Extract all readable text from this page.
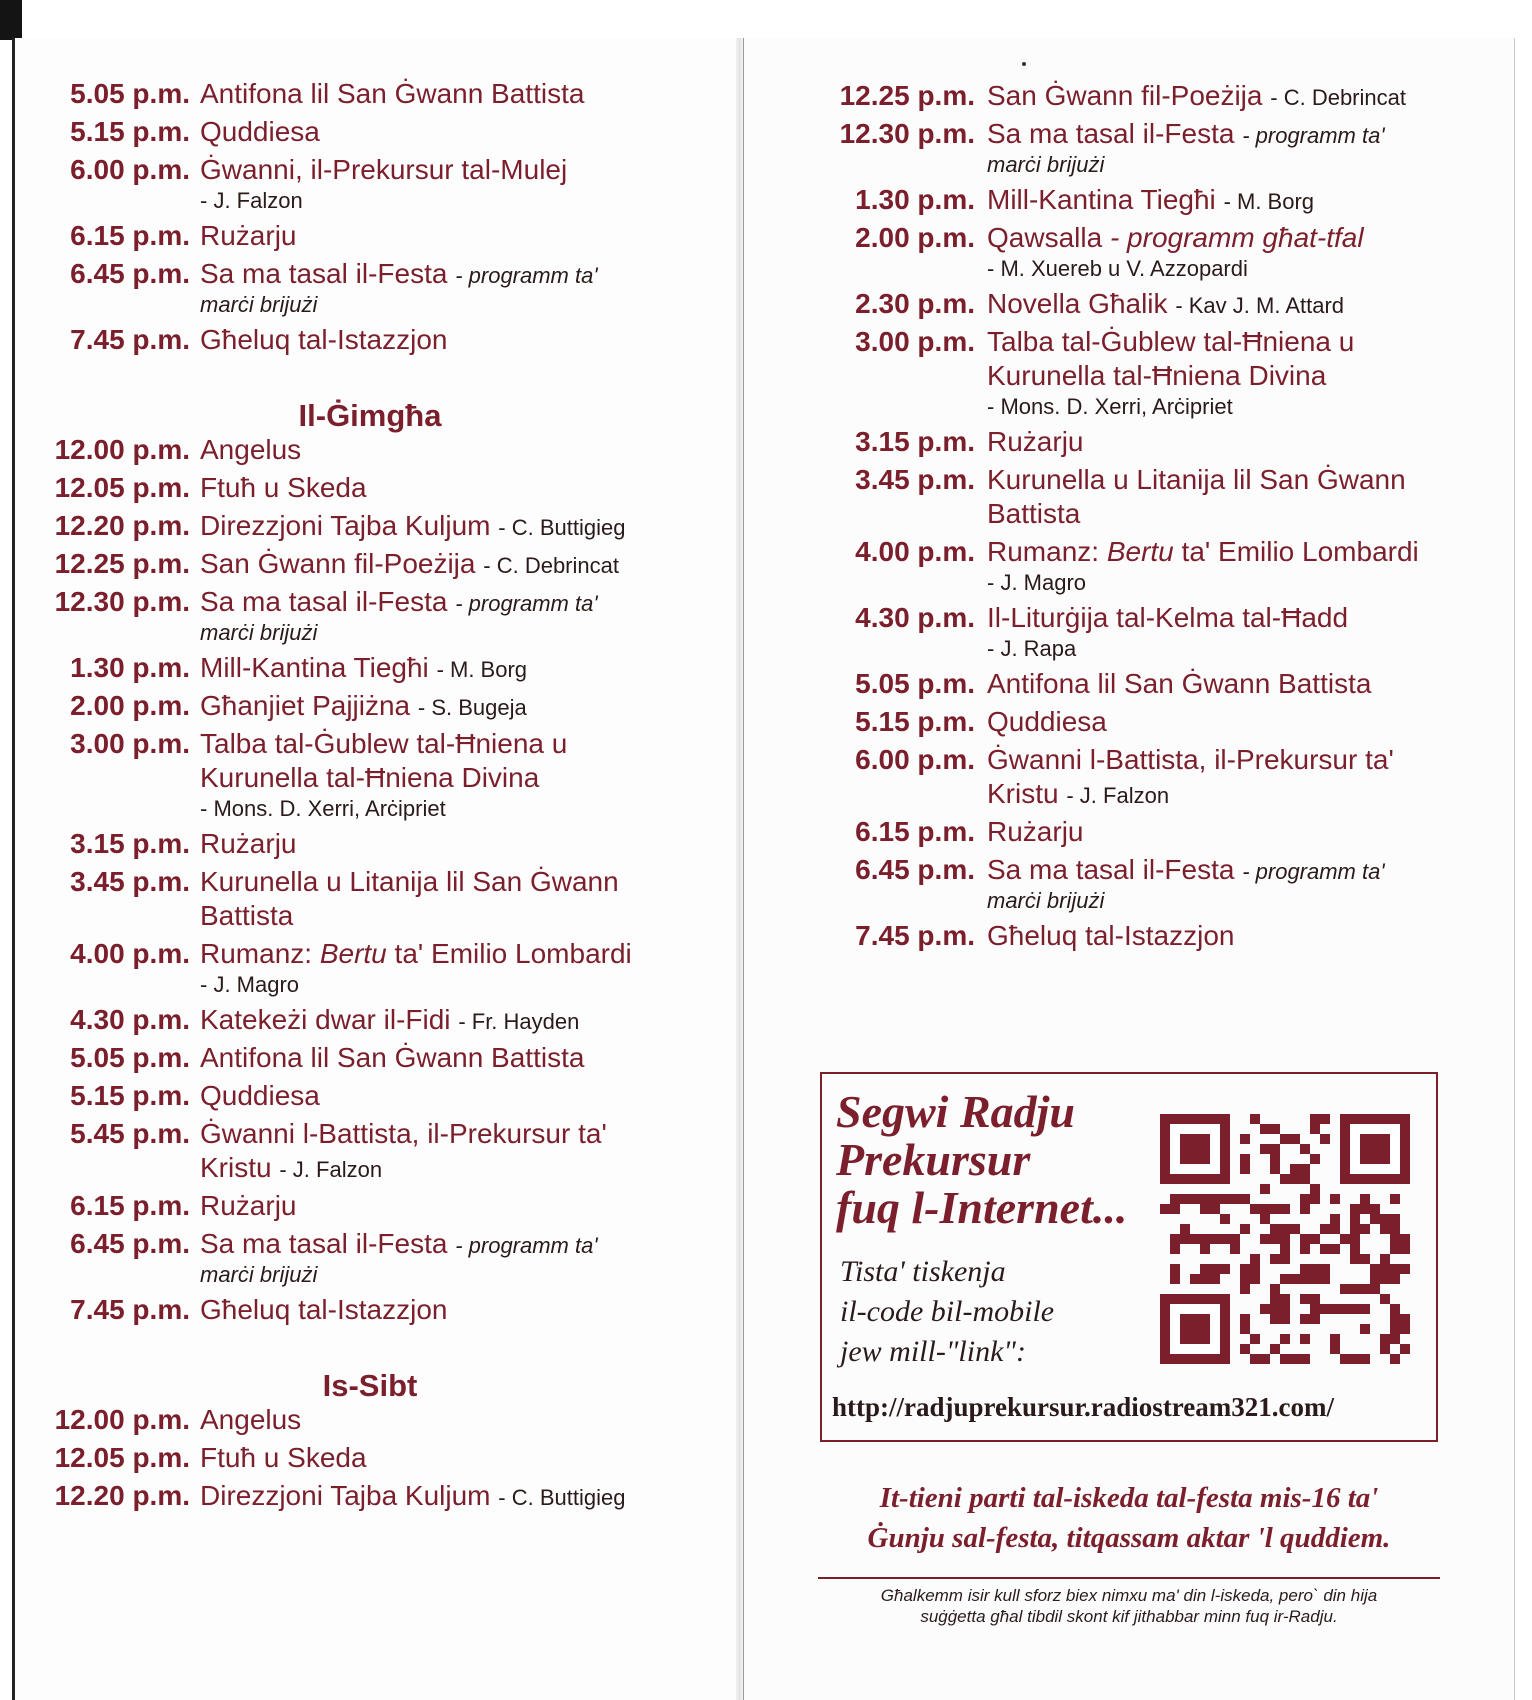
5.05 p.m. Antifona lil San Ġwann Battista
5.15 p.m. Quddiesa
6.00 p.m. Ġwanni, il-Prekursur tal-Mulej
- J. Falzon
6.15 p.m. Rużarju
6.45 p.m. Sa ma tasal il-Festa - programm ta'
marċi brijużi
7.45 p.m. Għeluq tal-Istazzjon
Il-Ġimgħa
12.00 p.m. Angelus
12.05 p.m. Ftuħ u Skeda
12.20 p.m. Direzzjoni Tajba Kuljum - C. Buttigieg
12.25 p.m. San Ġwann fil-Poeżija - C. Debrincat
12.30 p.m. Sa ma tasal il-Festa - programm ta'
marċi brijużi
1.30 p.m. Mill-Kantina Tiegħi - M. Borg
2.00 p.m. Għanjiet Pajjiżna - S. Bugeja
3.00 p.m. Talba tal-Ġublew tal-Ħniena u
Kurunella tal-Ħniena Divina
- Mons. D. Xerri, Arċipriet
3.15 p.m. Rużarju
3.45 p.m. Kurunella u Litanija lil San Ġwann
Battista
4.00 p.m. Rumanz: Bertu ta' Emilio Lombardi
- J. Magro
4.30 p.m. Katekeżi dwar il-Fidi - Fr. Hayden
5.05 p.m. Antifona lil San Ġwann Battista
5.15 p.m. Quddiesa
5.45 p.m. Ġwanni l-Battista, il-Prekursur ta'
Kristu - J. Falzon
6.15 p.m. Rużarju
6.45 p.m. Sa ma tasal il-Festa - programm ta'
marċi brijużi
7.45 p.m. Għeluq tal-Istazzjon
Is-Sibt
12.00 p.m. Angelus
12.05 p.m. Ftuħ u Skeda
12.20 p.m. Direzzjoni Tajba Kuljum - C. Buttigieg
12.25 p.m. San Ġwann fil-Poeżija - C. Debrincat
12.30 p.m. Sa ma tasal il-Festa - programm ta'
marċi brijużi
1.30 p.m. Mill-Kantina Tiegħi - M. Borg
2.00 p.m. Qawsalla - programm għat-tfal
- M. Xuereb u V. Azzopardi
2.30 p.m. Novella Għalik - Kav J. M. Attard
3.00 p.m. Talba tal-Ġublew tal-Ħniena u
Kurunella tal-Ħniena Divina
- Mons. D. Xerri, Arċipriet
3.15 p.m. Rużarju
3.45 p.m. Kurunella u Litanija lil San Ġwann
Battista
4.00 p.m. Rumanz: Bertu ta' Emilio Lombardi
- J. Magro
4.30 p.m. Il-Liturġija tal-Kelma tal-Ħadd
- J. Rapa
5.05 p.m. Antifona lil San Ġwann Battista
5.15 p.m. Quddiesa
6.00 p.m. Ġwanni l-Battista, il-Prekursur ta'
Kristu - J. Falzon
6.15 p.m. Rużarju
6.45 p.m. Sa ma tasal il-Festa - programm ta'
marċi brijużi
7.45 p.m. Għeluq tal-Istazzjon
Segwi Radju
Prekursur
fuq l-Internet...
Tista' tiskenja
il-code bil-mobile
jew mill-"link":
http://radjuprekursur.radiostream321.com/
It-tieni parti tal-iskeda tal-festa mis-16 ta'
Ġunju sal-festa, titqassam aktar 'l quddiem.
Għalkemm isir kull sforz biex nimxu ma' din l-iskeda, pero` din hija
suġġetta għal tibdil skont kif jithabbar minn fuq ir-Radju.
